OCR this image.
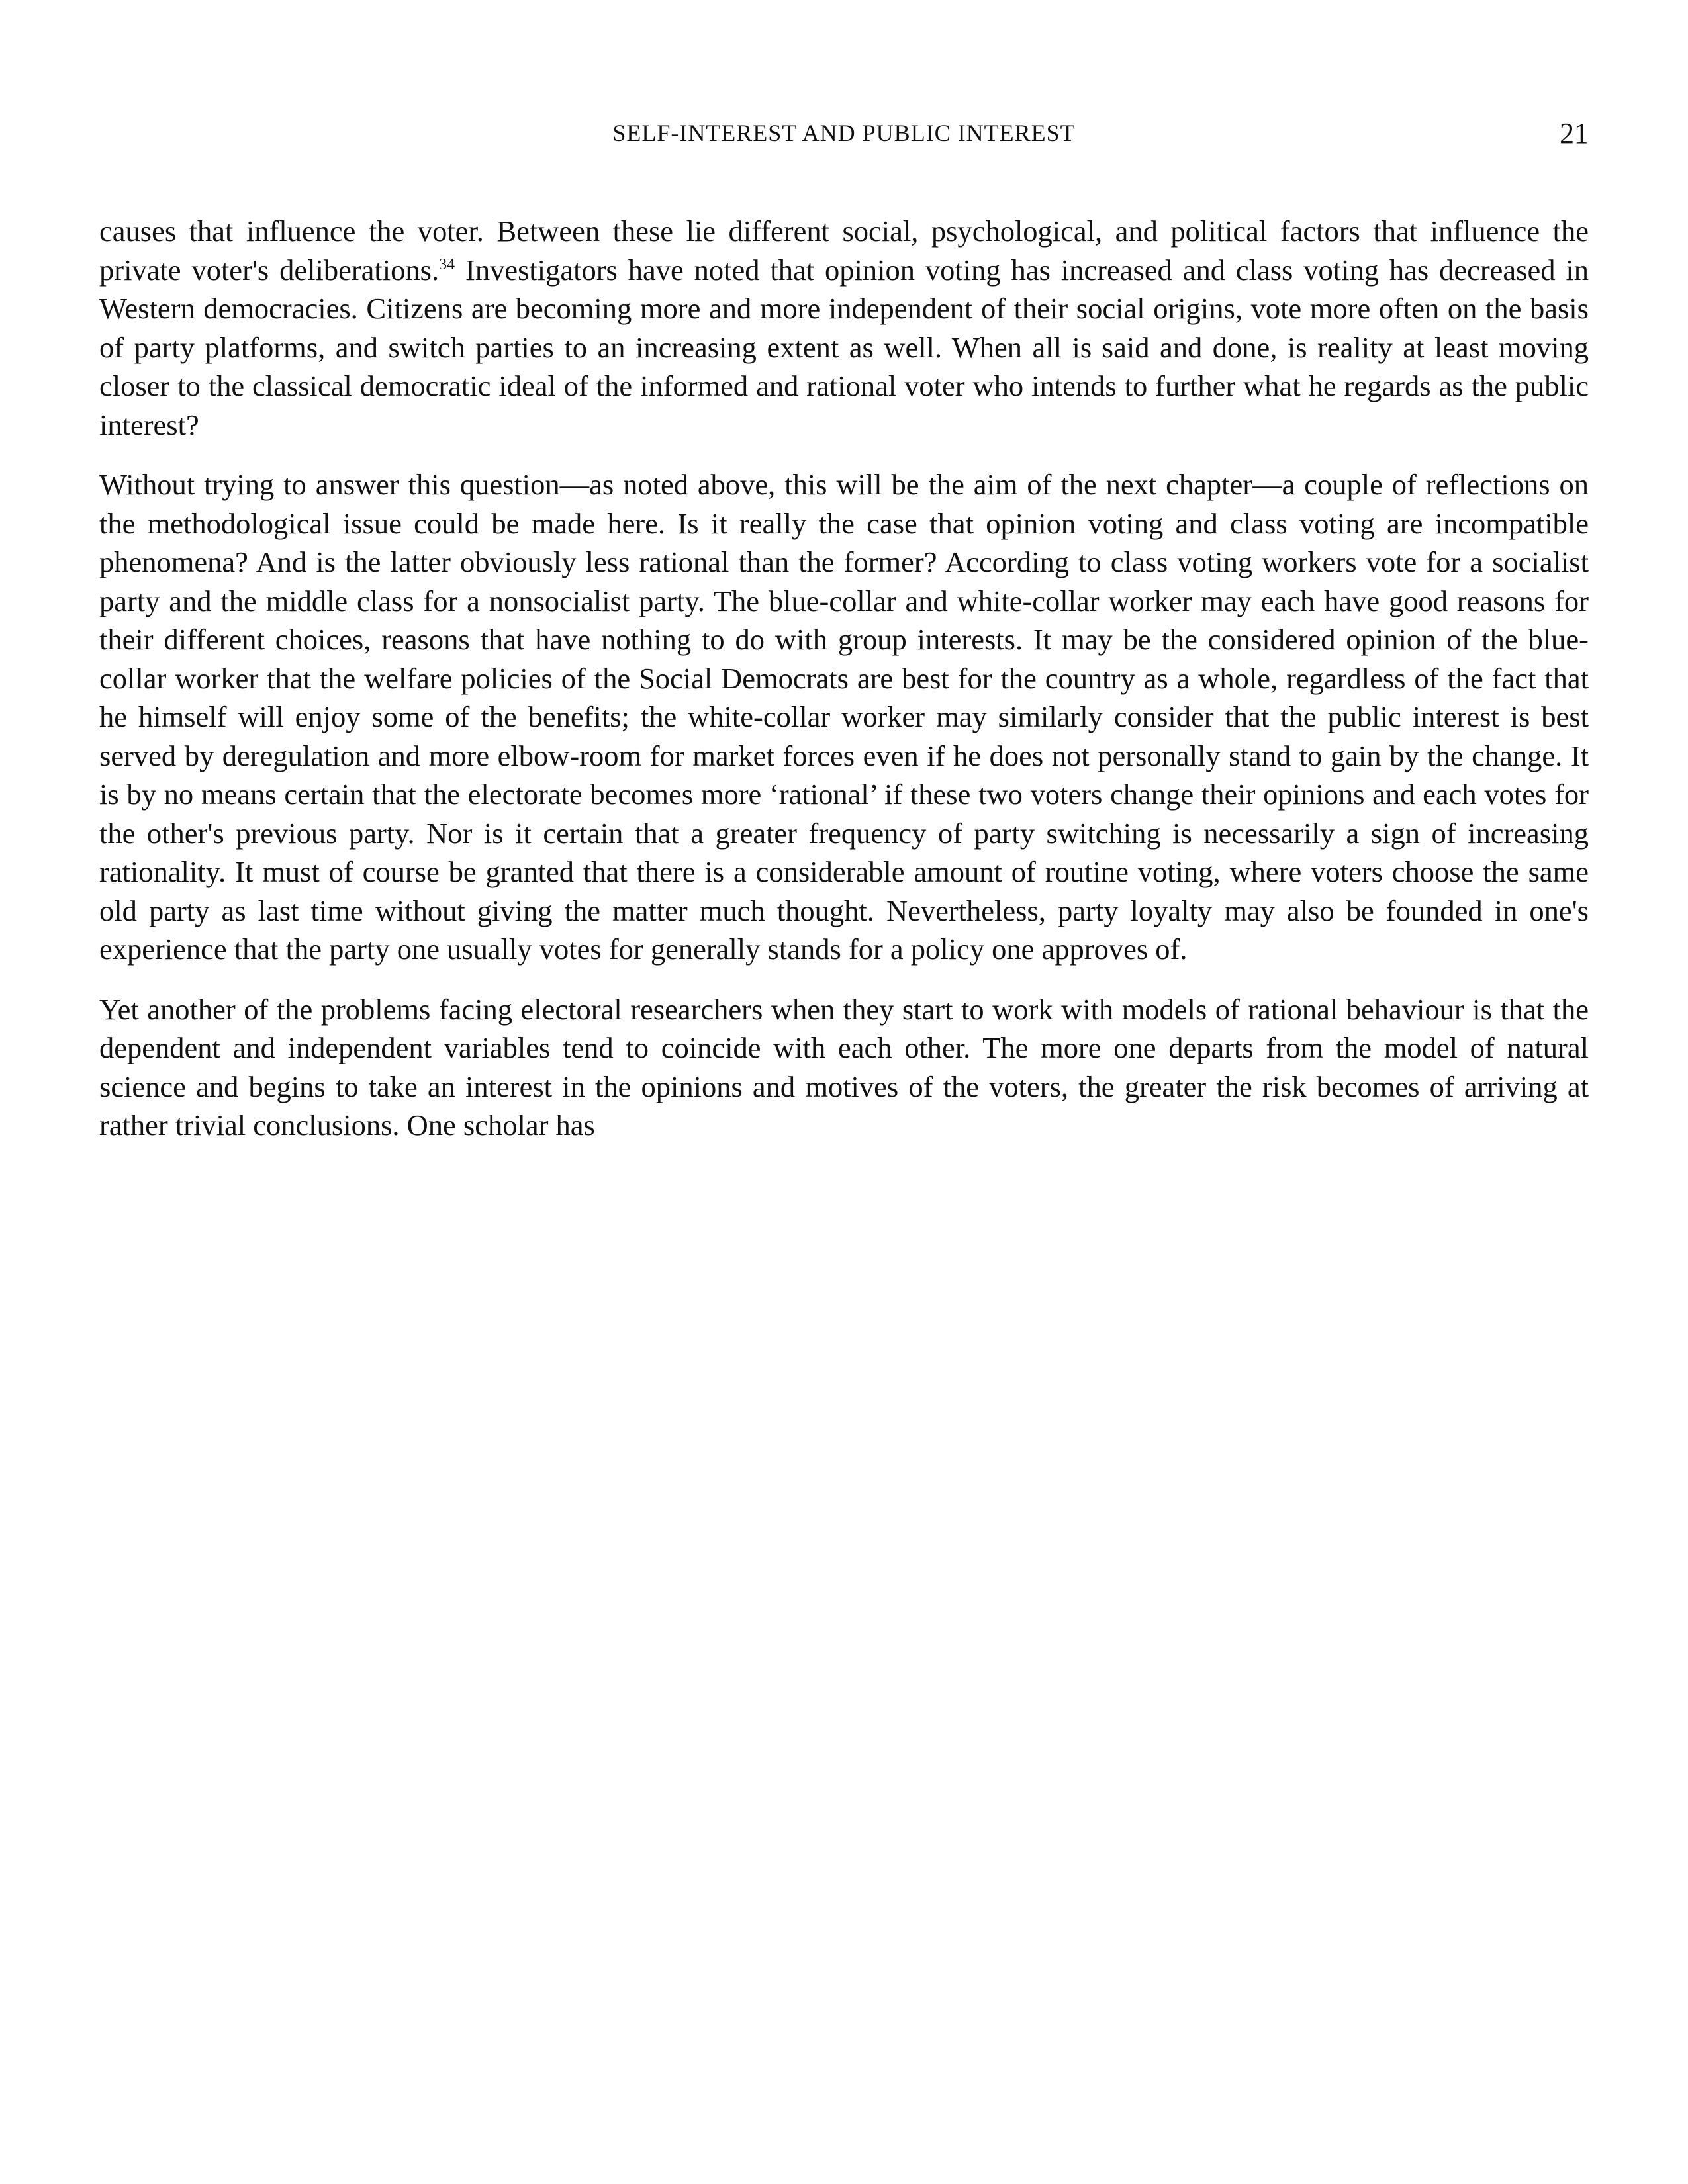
SELF-INTEREST AND PUBLIC INTEREST	21

causes that influence the voter. Between these lie different social, psychological, and political factors that influence the private voter's deliberations.$^{34}$ Investigators have noted that opinion voting has increased and class voting has decreased in Western democracies. Citizens are becoming more and more independent of their social origins, vote more often on the basis of party platforms, and switch parties to an increasing extent as well. When all is said and done, is reality at least moving closer to the classical democratic ideal of the informed and rational voter who intends to further what he regards as the public interest?

Without trying to answer this question—as noted above, this will be the aim of the next chapter—a couple of reflections on the methodological issue could be made here. Is it really the case that opinion voting and class voting are incompatible phenomena? And is the latter obviously less rational than the former? According to class voting workers vote for a socialist party and the middle class for a nonsocialist party. The blue-collar and white-collar worker may each have good reasons for their different choices, reasons that have nothing to do with group interests. It may be the considered opinion of the blue-collar worker that the welfare policies of the Social Democrats are best for the country as a whole, regardless of the fact that he himself will enjoy some of the benefits; the white-collar worker may similarly consider that the public interest is best served by deregulation and more elbow-room for market forces even if he does not personally stand to gain by the change. It is by no means certain that the electorate becomes more ‘rational’ if these two voters change their opinions and each votes for the other's previous party. Nor is it certain that a greater frequency of party switching is necessarily a sign of increasing rationality. It must of course be granted that there is a considerable amount of routine voting, where voters choose the same old party as last time without giving the matter much thought. Nevertheless, party loyalty may also be founded in one's experience that the party one usually votes for generally stands for a policy one approves of.

Yet another of the problems facing electoral researchers when they start to work with models of rational behaviour is that the dependent and independent variables tend to coincide with each other. The more one departs from the model of natural science and begins to take an interest in the opinions and motives of the voters, the greater the risk becomes of arriving at rather trivial conclusions. One scholar has
